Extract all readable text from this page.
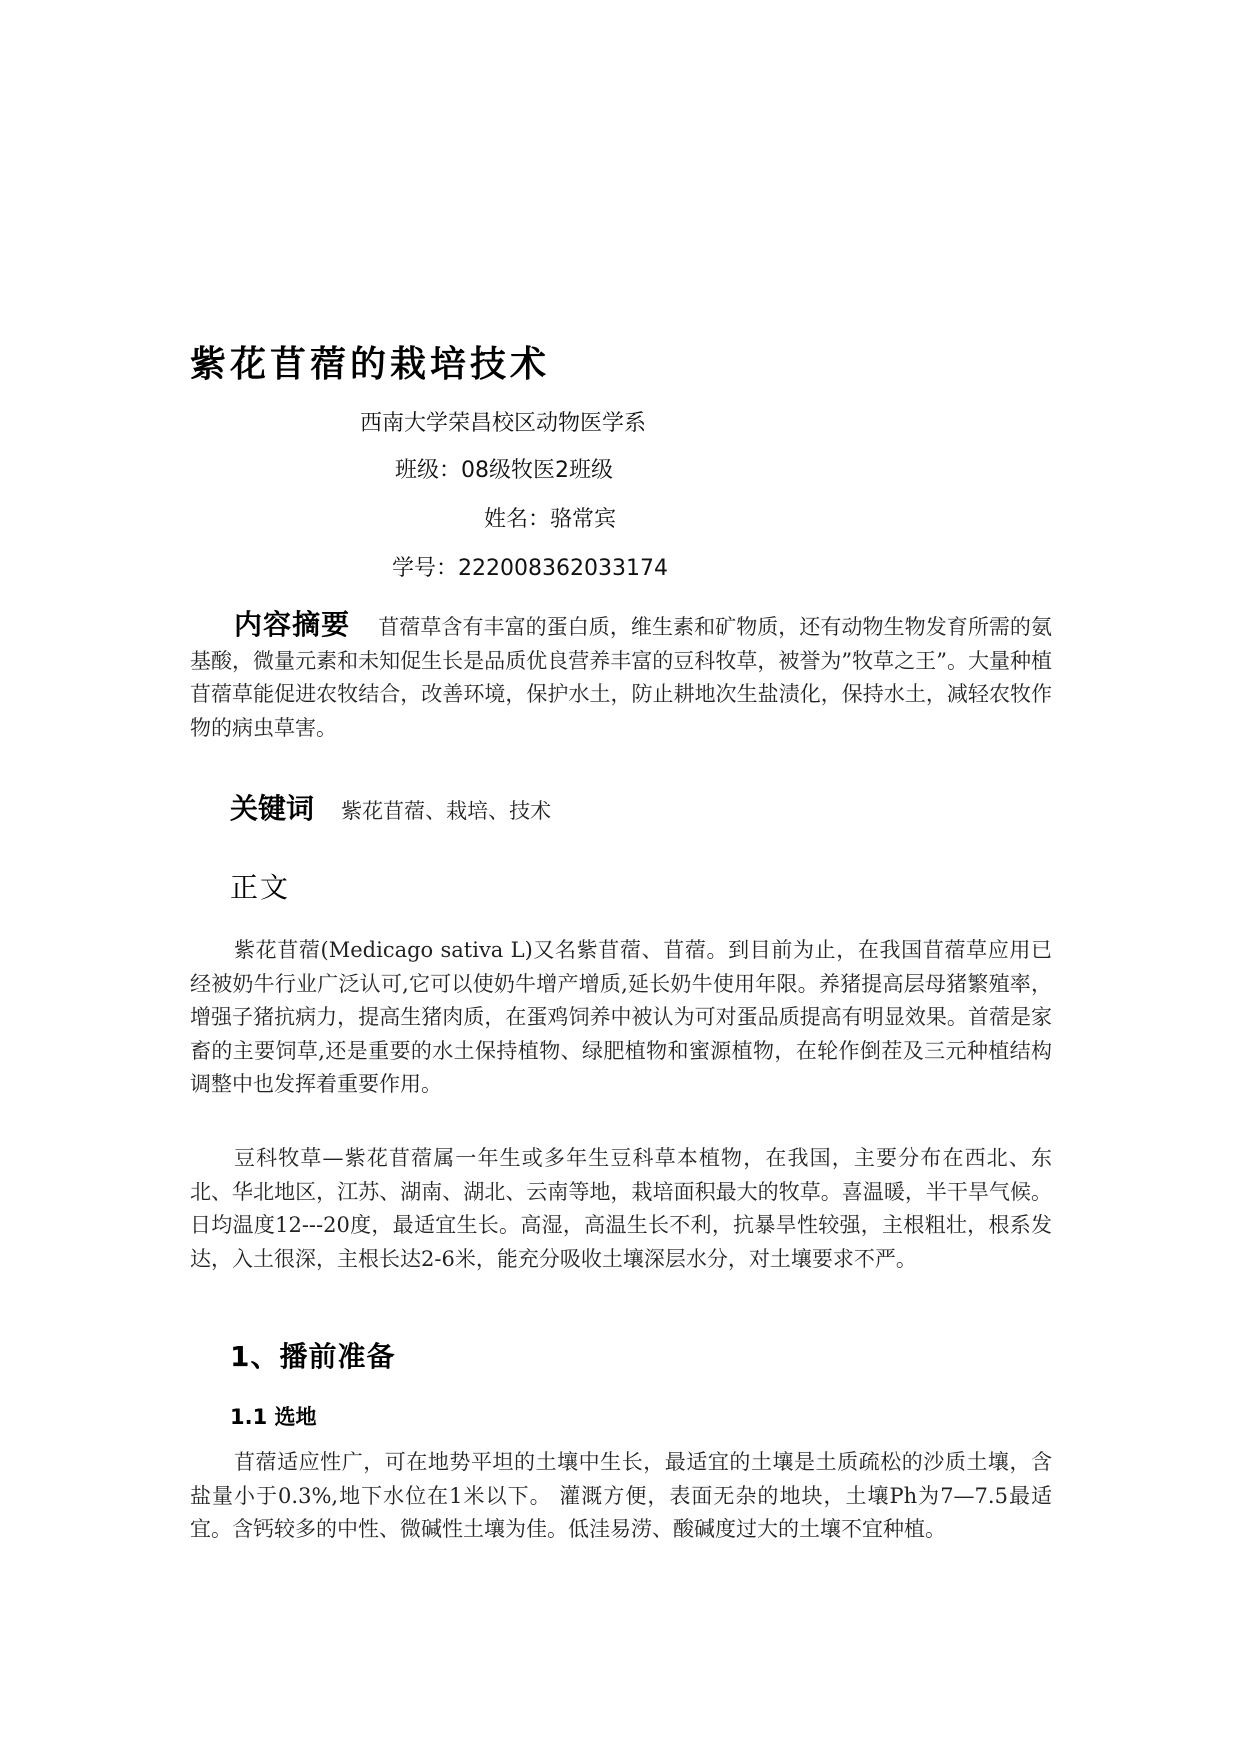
紫花苜蓿的栽培技术
西南大学荣昌校区动物医学系
班级：08级牧医2班级
姓名：骆常宾
学号：222008362033174
内容摘要 苜蓿草含有丰富的蛋白质，维生素和矿物质，还有动物生物发育所需的氨基酸，微量元素和未知促生长是品质优良营养丰富的豆科牧草，被誉为”牧草之王”。大量种植苜蓿草能促进农牧结合，改善环境，保护水土，防止耕地次生盐渍化，保持水土，减轻农牧作物的病虫草害。
关键词 紫花苜蓿、栽培、技术
正文
紫花苜蓿(Medicago sativa L)又名紫苜蓿、苜蓿。到目前为止，在我国苜蓿草应用已经被奶牛行业广泛认可,它可以使奶牛增产增质,延长奶牛使用年限。养猪提高层母猪繁殖率，增强子猪抗病力，提高生猪肉质，在蛋鸡饲养中被认为可对蛋品质提高有明显效果。首蓿是家畜的主要饲草,还是重要的水土保持植物、绿肥植物和蜜源植物，在轮作倒茬及三元种植结构调整中也发挥着重要作用。
豆科牧草—紫花苜蓿属一年生或多年生豆科草本植物，在我国，主要分布在西北、东北、华北地区，江苏、湖南、湖北、云南等地，栽培面积最大的牧草。喜温暖，半干旱气候。日均温度12---20度，最适宜生长。高湿，高温生长不利，抗暴旱性较强，主根粗壮，根系发达，入土很深，主根长达2-6米，能充分吸收土壤深层水分，对土壤要求不严。
1、播前准备
1.1 选地
苜蓿适应性广，可在地势平坦的土壤中生长，最适宜的土壤是土质疏松的沙质土壤，含盐量小于0.3%,地下水位在1米以下。 灌溉方便，表面无杂的地块，土壤Ph为7—7.5最适宜。含钙较多的中性、微碱性土壤为佳。低洼易涝、酸碱度过大的土壤不宜种植。
